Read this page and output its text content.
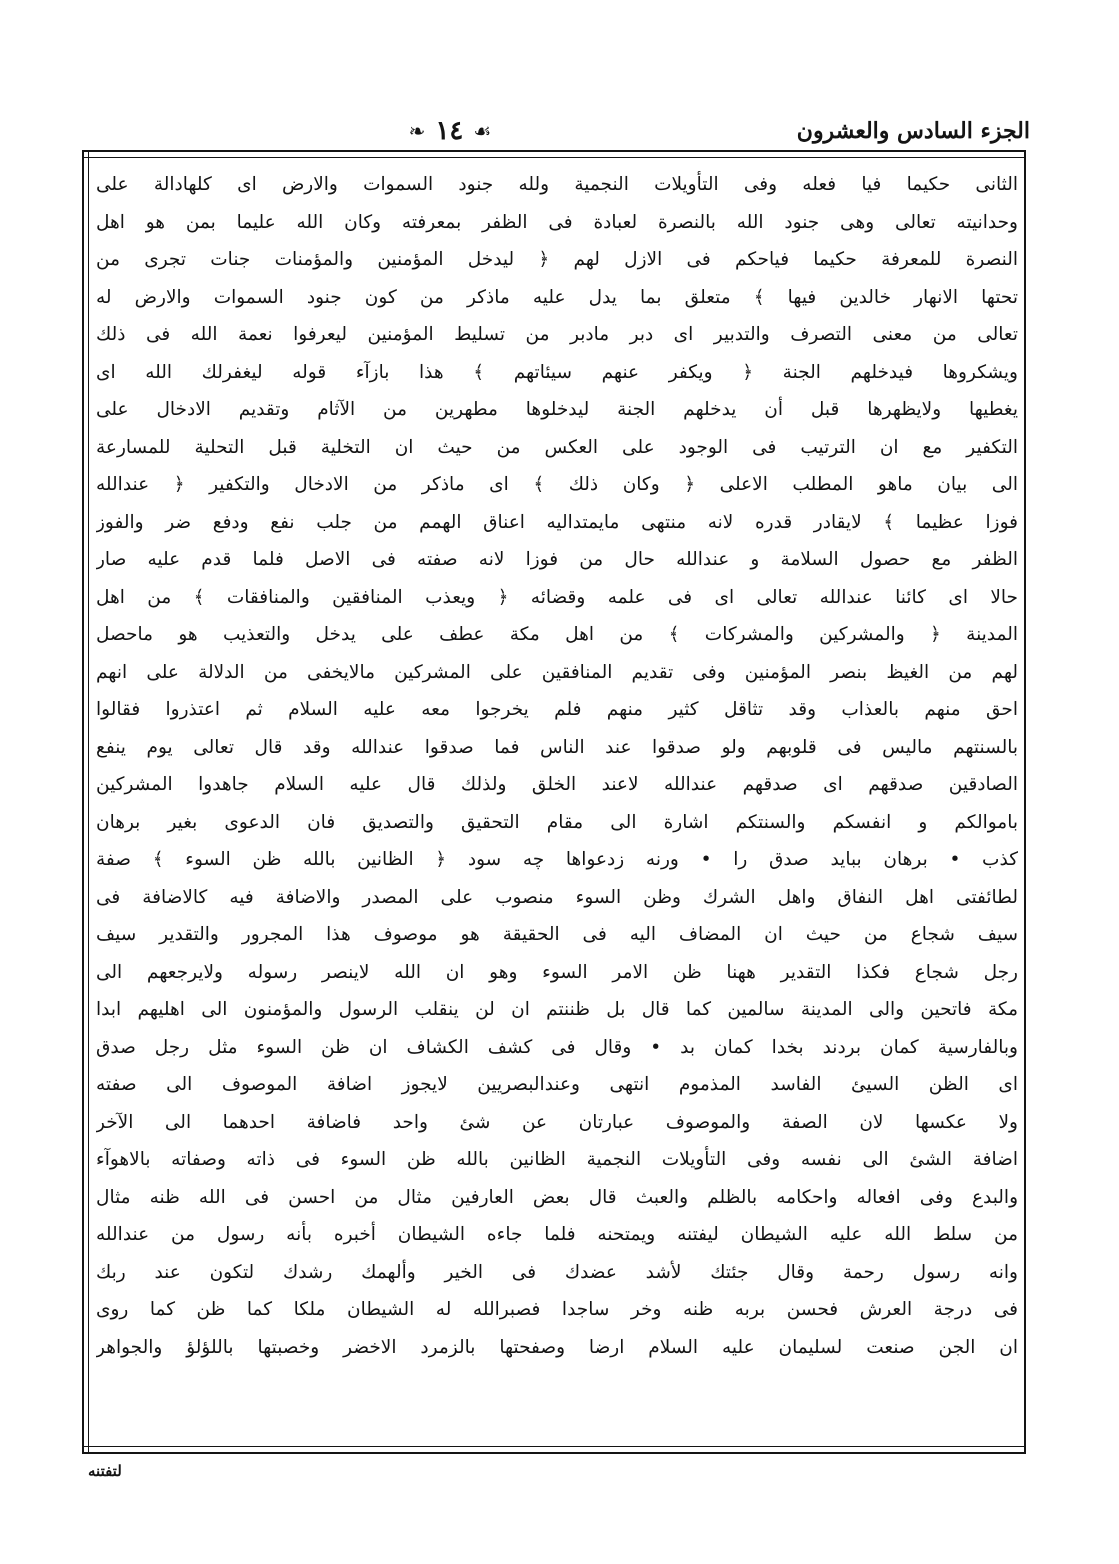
الجزء السادس والعشرون
❧ ١٤ ☙
الثانى حكيما فيا فعله وفى التأويلات النجمية ولله جنود السموات والارض اى كلهادالة على
وحدانيته تعالى وهى جنود الله بالنصرة لعبادة فى الظفر بمعرفته وكان الله عليما بمن هو اهل
النصرة للمعرفة حكيما فياحكم فى الازل لهم ﴿ ليدخل المؤمنين والمؤمنات جنات تجرى من
تحتها الانهار خالدين فيها ﴾ متعلق بما يدل عليه ماذكر من كون جنود السموات والارض له
تعالى من معنى التصرف والتدبير اى دبر مادبر من تسليط المؤمنين ليعرفوا نعمة الله فى ذلك
ويشكروها فيدخلهم الجنة ﴿ ويكفر عنهم سيئاتهم ﴾ هذا بازآء قوله ليغفرلك الله اى
يغطيها ولايظهرها قبل أن يدخلهم الجنة ليدخلوها مطهرين من الآثام وتقديم الادخال على
التكفير مع ان الترتيب فى الوجود على العكس من حيث ان التخلية قبل التحلية للمسارعة
الى بيان ماهو المطلب الاعلى ﴿ وكان ذلك ﴾ اى ماذكر من الادخال والتكفير ﴿ عندالله
فوزا عظيما ﴾ لايقادر قدره لانه منتهى مايمتداليه اعناق الهمم من جلب نفع ودفع ضر والفوز
الظفر مع حصول السلامة و عندالله حال من فوزا لانه صفته فى الاصل فلما قدم عليه صار
حالا اى كائنا عندالله تعالى اى فى علمه وقضائه ﴿ ويعذب المنافقين والمنافقات ﴾ من اهل
المدينة ﴿ والمشركين والمشركات ﴾ من اهل مكة عطف على يدخل والتعذيب هو ماحصل
لهم من الغيظ بنصر المؤمنين وفى تقديم المنافقين على المشركين مالايخفى من الدلالة على انهم
احق منهم بالعذاب وقد تثاقل كثير منهم فلم يخرجوا معه عليه السلام ثم اعتذروا فقالوا
بالسنتهم ماليس فى قلوبهم ولو صدقوا عند الناس فما صدقوا عندالله وقد قال تعالى يوم ينفع
الصادقين صدقهم اى صدقهم عندالله لاعند الخلق ولذلك قال عليه السلام جاهدوا المشركين
باموالكم و انفسكم والسنتكم اشارة الى مقام التحقيق والتصديق فان الدعوى بغير برهان
كذب • برهان بباید صدق را • ورنه زدعواها چه سود ﴿ الظانين بالله ظن السوء ﴾ صفة
لطائفتى اهل النفاق واهل الشرك وظن السوء منصوب على المصدر والاضافة فيه كالاضافة فى
سيف شجاع من حيث ان المضاف اليه فى الحقيقة هو موصوف هذا المجرور والتقدير سيف
رجل شجاع فكذا التقدير ههنا ظن الامر السوء وهو ان الله لاينصر رسوله ولايرجعهم الى
مكة فاتحين والى المدينة سالمين كما قال بل ظننتم ان لن ينقلب الرسول والمؤمنون الى اهليهم ابدا
وبالفارسية كمان بردند بخدا كمان بد • وقال فى كشف الكشاف ان ظن السوء مثل رجل صدق
اى الظن السيئ الفاسد المذموم انتهى وعندالبصريين لايجوز اضافة الموصوف الى صفته
ولا عكسها لان الصفة والموصوف عبارتان عن شئ واحد فاضافة احدهما الى الآخر
اضافة الشئ الى نفسه وفى التأويلات النجمية الظانين بالله ظن السوء فى ذاته وصفاته بالاهوآء
والبدع وفى افعاله واحكامه بالظلم والعبث قال بعض العارفين مثال من احسن فى الله ظنه مثال
من سلط الله عليه الشيطان ليفتنه ويمتحنه فلما جاءه الشيطان أخبره بأنه رسول من عندالله
وانه رسول رحمة وقال جئتك لأشد عضدك فى الخير وألهمك رشدك لتكون عند ربك
فى درجة العرش فحسن بربه ظنه وخر ساجدا فصبرالله له الشيطان ملكا كما ظن كما روى
ان الجن صنعت لسليمان عليه السلام ارضا وصفحتها بالزمرد الاخضر وخصبتها باللؤلؤ والجواهر
لتفتنه
